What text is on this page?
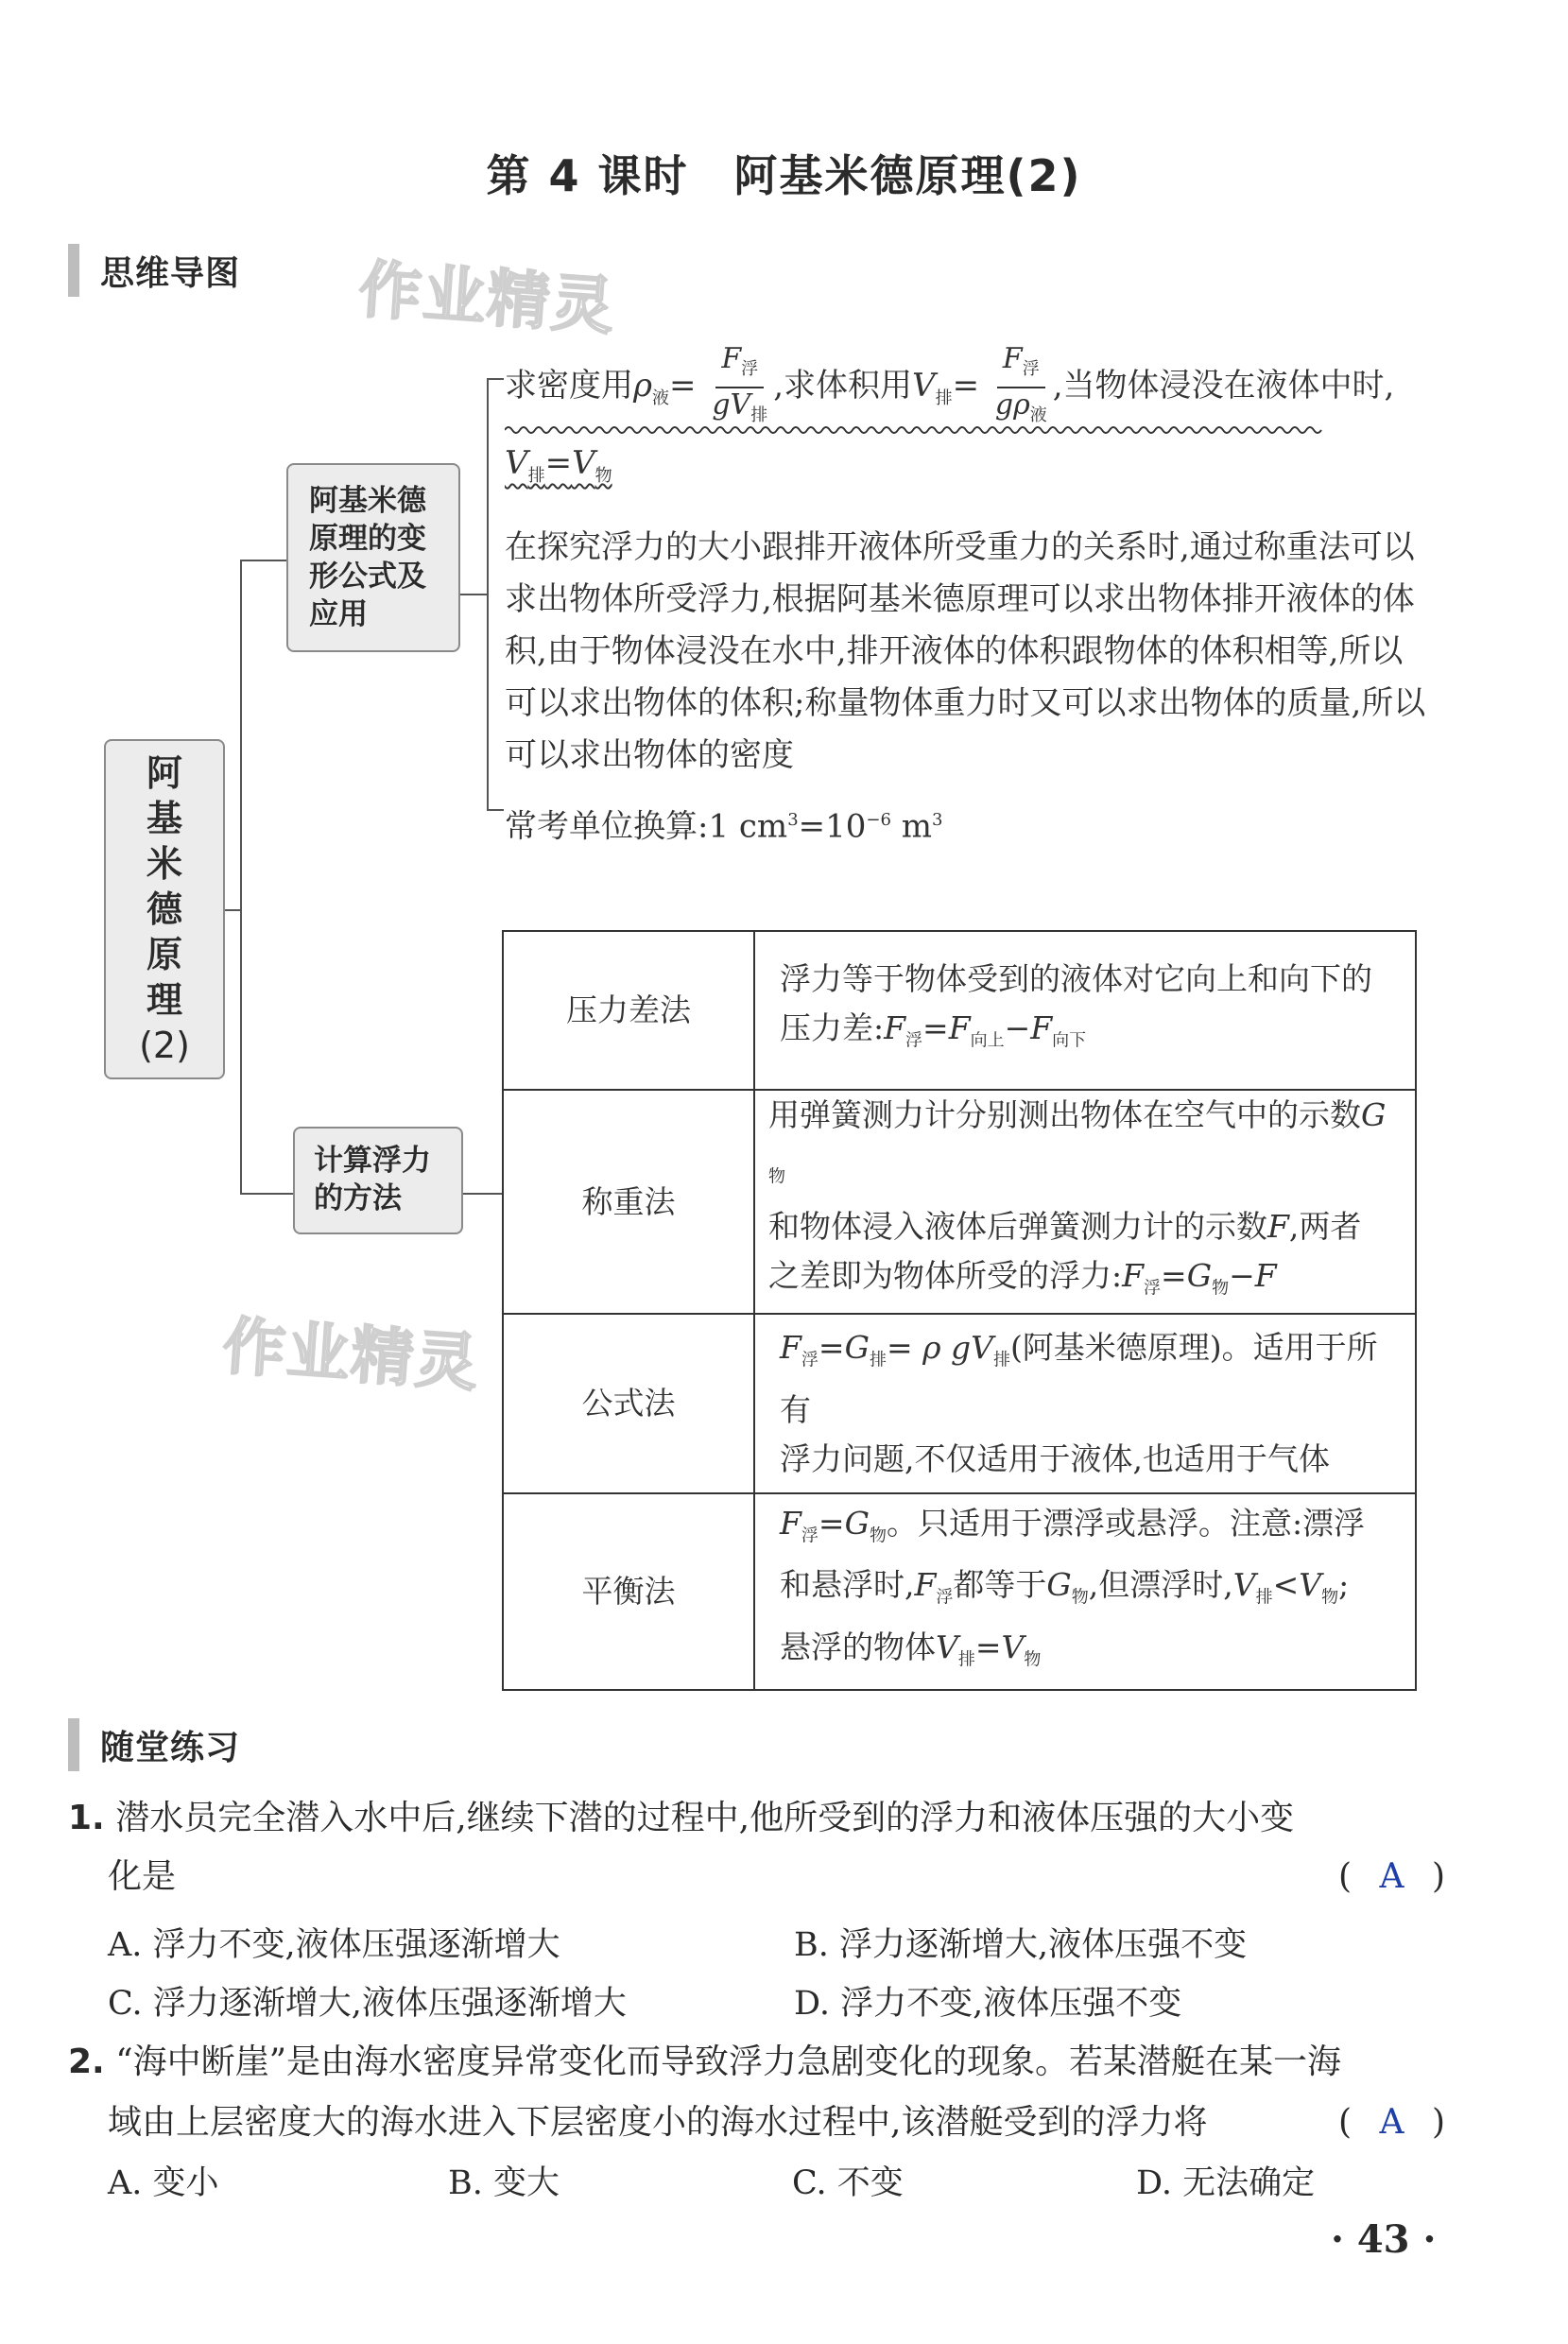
第 4 课时　阿基米德原理(2)
思维导图 作业精灵
作业精灵
阿
基
米
德
原
理
(2)
阿基米德
原理的变
形公式及
应用
求密度用$\rho_液= \frac{F_浮}{gV_排}$ ,求体积用$V_排= \frac{F_浮}{g\rho_液}$ ,当物体浸没在液体中时,
$V_排=V_物$
在探究浮力的大小跟排开液体所受重力的关系时,通过称重法可以
求出物体所受浮力,根据阿基米德原理可以求出物体排开液体的体
积,由于物体浸没在水中,排开液体的体积跟物体的体积相等,所以
可以求出物体的体积;称量物体重力时又可以求出物体的质量,所以
可以求出物体的密度
常考单位换算:1 $cm^3=10^{-6}$ $m^3$
计算浮力
的方法
压力差法	浮力等于物体受到的液体对它向上和向下的
压力差$:F_浮=F_{向上}-F_{向下}$

称重法	用弹簧测力计分别测出物体在空气中的示数$G_物$
和物体浸入液体后弹簧测力计的示数F,两者
之差即为物体所受的浮力$:F_浮=G_物-F$

公式法	$F_浮=G_排= \rho$ $gV_排$(阿基米德原理)。适用于所有
浮力问题,不仅适用于液体,也适用于气体

平衡法	$F_浮=G_物$。只适用于漂浮或悬浮。注意:漂浮
和悬浮时$,F_浮$都等于$G_物$,但漂浮时$,V_排<V_物$;
悬浮的物体$V_排=V_物$
随堂练习
1. 潜水员完全潜入水中后,继续下潜的过程中,他所受到的浮力和液体压强的大小变
化是	( A )
A. 浮力不变,液体压强逐渐增大	B. 浮力逐渐增大,液体压强不变
C. 浮力逐渐增大,液体压强逐渐增大	D. 浮力不变,液体压强不变
2. “海中断崖”是由海水密度异常变化而导致浮力急剧变化的现象。若某潜艇在某一海
域由上层密度大的海水进入下层密度小的海水过程中,该潜艇受到的浮力将	( A )
A. 变小	B. 变大	C. 不变	D. 无法确定
· 43 ·
